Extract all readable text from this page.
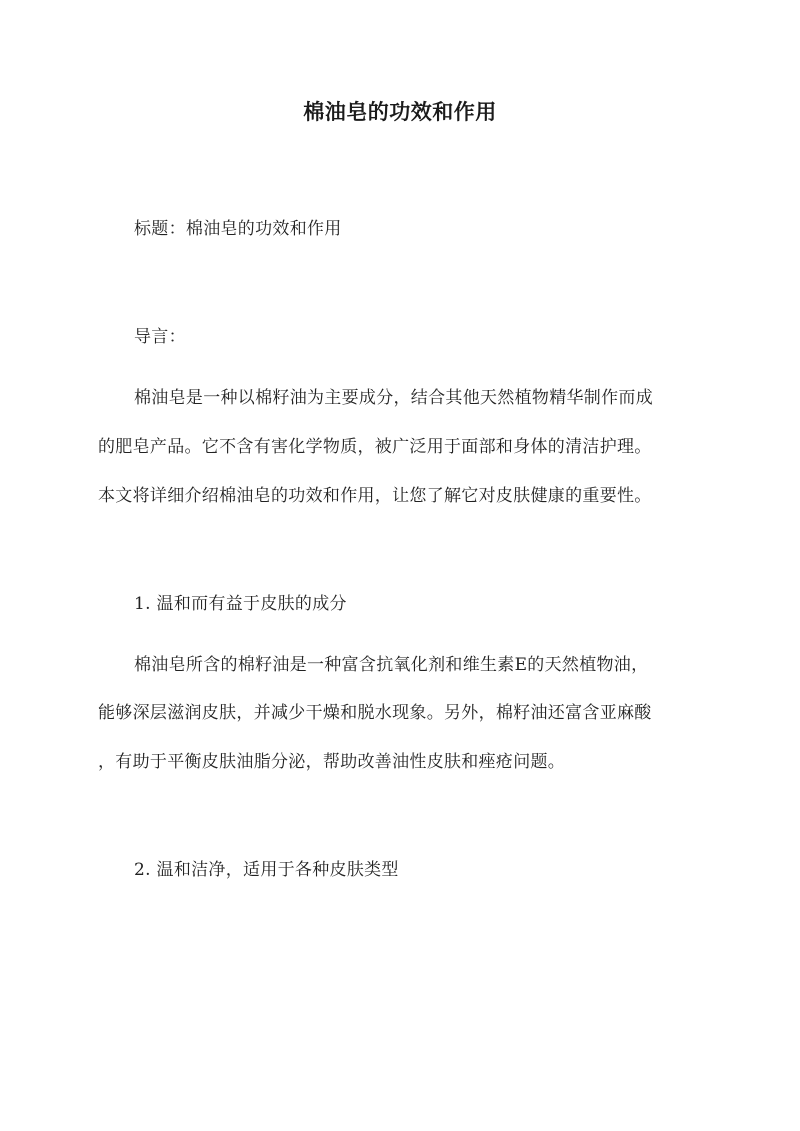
棉油皂的功效和作用
标题：棉油皂的功效和作用
导言：
棉油皂是一种以棉籽油为主要成分，结合其他天然植物精华制作而成
的肥皂产品。它不含有害化学物质，被广泛用于面部和身体的清洁护理。
本文将详细介绍棉油皂的功效和作用，让您了解它对皮肤健康的重要性。
1. 温和而有益于皮肤的成分
棉油皂所含的棉籽油是一种富含抗氧化剂和维生素E的天然植物油，
能够深层滋润皮肤，并减少干燥和脱水现象。另外，棉籽油还富含亚麻酸
，有助于平衡皮肤油脂分泌，帮助改善油性皮肤和痤疮问题。
2. 温和洁净，适用于各种皮肤类型
